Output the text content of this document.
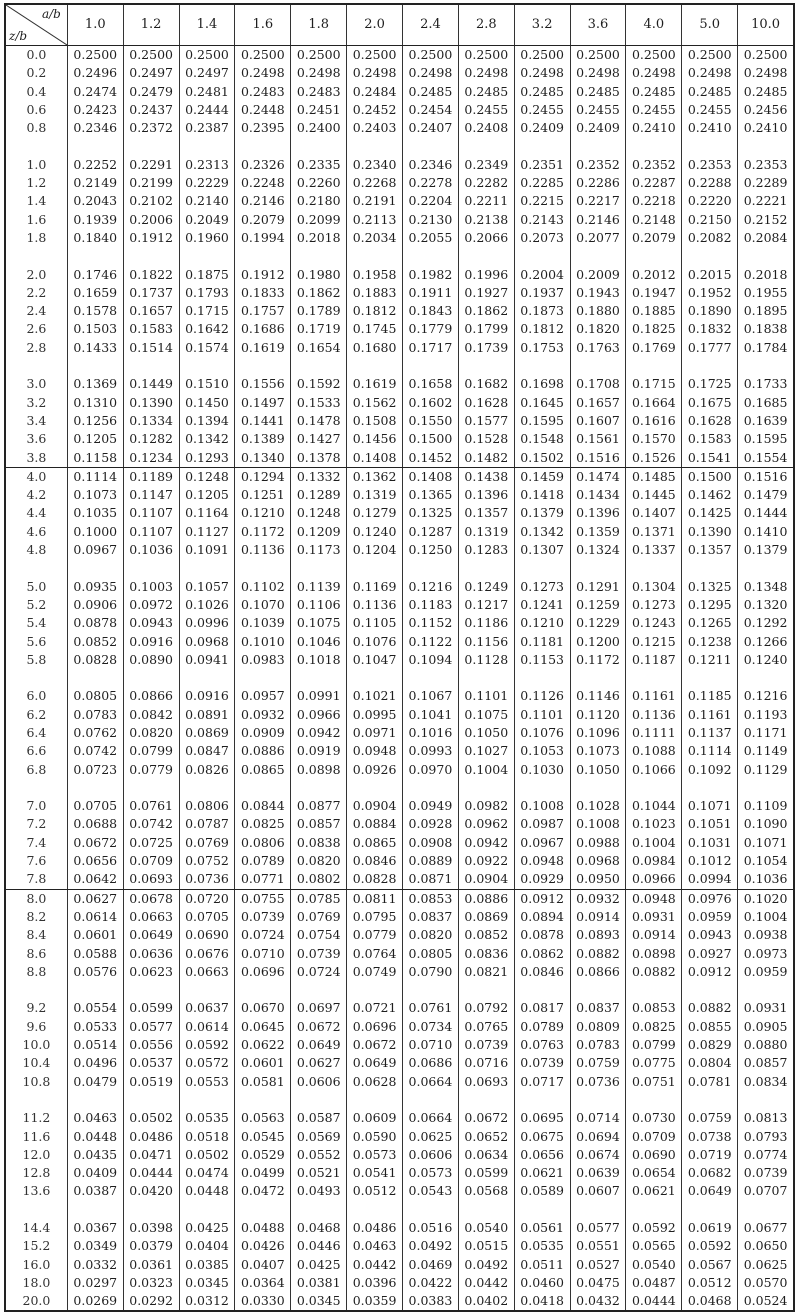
a/b
z/b
1.0	1.2	1.4	1.6	1.8	2.0	2.4	2.8	3.2	3.6	4.0	5.0	10.0
0.0	0.2500 0.2500 0.2500 0.2500 0.2500 0.2500 0.2500 0.2500 0.2500 0.2500 0.2500 0.2500 0.2500
0.2	0.2496 0.2497 0.2497 0.2498 0.2498 0.2498 0.2498 0.2498 0.2498 0.2498 0.2498 0.2498 0.2498
0.4	0.2474 0.2479 0.2481 0.2483 0.2483 0.2484 0.2485 0.2485 0.2485 0.2485 0.2485 0.2485 0.2485
0.6	0.2423 0.2437 0.2444 0.2448 0.2451 0.2452 0.2454 0.2455 0.2455 0.2455 0.2455 0.2455 0.2456
0.8	0.2346 0.2372 0.2387 0.2395 0.2400 0.2403 0.2407 0.2408 0.2409 0.2409 0.2410 0.2410 0.2410
1.0	0.2252 0.2291 0.2313 0.2326 0.2335 0.2340 0.2346 0.2349 0.2351 0.2352 0.2352 0.2353 0.2353
1.2	0.2149 0.2199 0.2229 0.2248 0.2260 0.2268 0.2278 0.2282 0.2285 0.2286 0.2287 0.2288 0.2289
1.4	0.2043 0.2102 0.2140 0.2146 0.2180 0.2191 0.2204 0.2211 0.2215 0.2217 0.2218 0.2220 0.2221
1.6	0.1939 0.2006 0.2049 0.2079 0.2099 0.2113 0.2130 0.2138 0.2143 0.2146 0.2148 0.2150 0.2152
1.8	0.1840 0.1912 0.1960 0.1994 0.2018 0.2034 0.2055 0.2066 0.2073 0.2077 0.2079 0.2082 0.2084
2.0	0.1746 0.1822 0.1875 0.1912 0.1980 0.1958 0.1982 0.1996 0.2004 0.2009 0.2012 0.2015 0.2018
2.2	0.1659 0.1737 0.1793 0.1833 0.1862 0.1883 0.1911 0.1927 0.1937 0.1943 0.1947 0.1952 0.1955
2.4	0.1578 0.1657 0.1715 0.1757 0.1789 0.1812 0.1843 0.1862 0.1873 0.1880 0.1885 0.1890 0.1895
2.6	0.1503 0.1583 0.1642 0.1686 0.1719 0.1745 0.1779 0.1799 0.1812 0.1820 0.1825 0.1832 0.1838
2.8	0.1433 0.1514 0.1574 0.1619 0.1654 0.1680 0.1717 0.1739 0.1753 0.1763 0.1769 0.1777 0.1784
3.0	0.1369 0.1449 0.1510 0.1556 0.1592 0.1619 0.1658 0.1682 0.1698 0.1708 0.1715 0.1725 0.1733
3.2	0.1310 0.1390 0.1450 0.1497 0.1533 0.1562 0.1602 0.1628 0.1645 0.1657 0.1664 0.1675 0.1685
3.4	0.1256 0.1334 0.1394 0.1441 0.1478 0.1508 0.1550 0.1577 0.1595 0.1607 0.1616 0.1628 0.1639
3.6	0.1205 0.1282 0.1342 0.1389 0.1427 0.1456 0.1500 0.1528 0.1548 0.1561 0.1570 0.1583 0.1595
3.8	0.1158 0.1234 0.1293 0.1340 0.1378 0.1408 0.1452 0.1482 0.1502 0.1516 0.1526 0.1541 0.1554
4.0	0.1114 0.1189 0.1248 0.1294 0.1332 0.1362 0.1408 0.1438 0.1459 0.1474 0.1485 0.1500 0.1516
4.2	0.1073 0.1147 0.1205 0.1251 0.1289 0.1319 0.1365 0.1396 0.1418 0.1434 0.1445 0.1462 0.1479
4.4	0.1035 0.1107 0.1164 0.1210 0.1248 0.1279 0.1325 0.1357 0.1379 0.1396 0.1407 0.1425 0.1444
4.6	0.1000 0.1107 0.1127 0.1172 0.1209 0.1240 0.1287 0.1319 0.1342 0.1359 0.1371 0.1390 0.1410
4.8	0.0967 0.1036 0.1091 0.1136 0.1173 0.1204 0.1250 0.1283 0.1307 0.1324 0.1337 0.1357 0.1379
5.0	0.0935 0.1003 0.1057 0.1102 0.1139 0.1169 0.1216 0.1249 0.1273 0.1291 0.1304 0.1325 0.1348
5.2	0.0906 0.0972 0.1026 0.1070 0.1106 0.1136 0.1183 0.1217 0.1241 0.1259 0.1273 0.1295 0.1320
5.4	0.0878 0.0943 0.0996 0.1039 0.1075 0.1105 0.1152 0.1186 0.1210 0.1229 0.1243 0.1265 0.1292
5.6	0.0852 0.0916 0.0968 0.1010 0.1046 0.1076 0.1122 0.1156 0.1181 0.1200 0.1215 0.1238 0.1266
5.8	0.0828 0.0890 0.0941 0.0983 0.1018 0.1047 0.1094 0.1128 0.1153 0.1172 0.1187 0.1211 0.1240
6.0	0.0805 0.0866 0.0916 0.0957 0.0991 0.1021 0.1067 0.1101 0.1126 0.1146 0.1161 0.1185 0.1216
6.2	0.0783 0.0842 0.0891 0.0932 0.0966 0.0995 0.1041 0.1075 0.1101 0.1120 0.1136 0.1161 0.1193
6.4	0.0762 0.0820 0.0869 0.0909 0.0942 0.0971 0.1016 0.1050 0.1076 0.1096 0.1111 0.1137 0.1171
6.6	0.0742 0.0799 0.0847 0.0886 0.0919 0.0948 0.0993 0.1027 0.1053 0.1073 0.1088 0.1114 0.1149
6.8	0.0723 0.0779 0.0826 0.0865 0.0898 0.0926 0.0970 0.1004 0.1030 0.1050 0.1066 0.1092 0.1129
7.0	0.0705 0.0761 0.0806 0.0844 0.0877 0.0904 0.0949 0.0982 0.1008 0.1028 0.1044 0.1071 0.1109
7.2	0.0688 0.0742 0.0787 0.0825 0.0857 0.0884 0.0928 0.0962 0.0987 0.1008 0.1023 0.1051 0.1090
7.4	0.0672 0.0725 0.0769 0.0806 0.0838 0.0865 0.0908 0.0942 0.0967 0.0988 0.1004 0.1031 0.1071
7.6	0.0656 0.0709 0.0752 0.0789 0.0820 0.0846 0.0889 0.0922 0.0948 0.0968 0.0984 0.1012 0.1054
7.8	0.0642 0.0693 0.0736 0.0771 0.0802 0.0828 0.0871 0.0904 0.0929 0.0950 0.0966 0.0994 0.1036
8.0	0.0627 0.0678 0.0720 0.0755 0.0785 0.0811 0.0853 0.0886 0.0912 0.0932 0.0948 0.0976 0.1020
8.2	0.0614 0.0663 0.0705 0.0739 0.0769 0.0795 0.0837 0.0869 0.0894 0.0914 0.0931 0.0959 0.1004
8.4	0.0601 0.0649 0.0690 0.0724 0.0754 0.0779 0.0820 0.0852 0.0878 0.0893 0.0914 0.0943 0.0938
8.6	0.0588 0.0636 0.0676 0.0710 0.0739 0.0764 0.0805 0.0836 0.0862 0.0882 0.0898 0.0927 0.0973
8.8	0.0576 0.0623 0.0663 0.0696 0.0724 0.0749 0.0790 0.0821 0.0846 0.0866 0.0882 0.0912 0.0959
9.2	0.0554 0.0599 0.0637 0.0670 0.0697 0.0721 0.0761 0.0792 0.0817 0.0837 0.0853 0.0882 0.0931
9.6	0.0533 0.0577 0.0614 0.0645 0.0672 0.0696 0.0734 0.0765 0.0789 0.0809 0.0825 0.0855 0.0905
10.0	0.0514 0.0556 0.0592 0.0622 0.0649 0.0672 0.0710 0.0739 0.0763 0.0783 0.0799 0.0829 0.0880
10.4	0.0496 0.0537 0.0572 0.0601 0.0627 0.0649 0.0686 0.0716 0.0739 0.0759 0.0775 0.0804 0.0857
10.8	0.0479 0.0519 0.0553 0.0581 0.0606 0.0628 0.0664 0.0693 0.0717 0.0736 0.0751 0.0781 0.0834
11.2	0.0463 0.0502 0.0535 0.0563 0.0587 0.0609 0.0664 0.0672 0.0695 0.0714 0.0730 0.0759 0.0813
11.6	0.0448 0.0486 0.0518 0.0545 0.0569 0.0590 0.0625 0.0652 0.0675 0.0694 0.0709 0.0738 0.0793
12.0	0.0435 0.0471 0.0502 0.0529 0.0552 0.0573 0.0606 0.0634 0.0656 0.0674 0.0690 0.0719 0.0774
12.8	0.0409 0.0444 0.0474 0.0499 0.0521 0.0541 0.0573 0.0599 0.0621 0.0639 0.0654 0.0682 0.0739
13.6	0.0387 0.0420 0.0448 0.0472 0.0493 0.0512 0.0543 0.0568 0.0589 0.0607 0.0621 0.0649 0.0707
14.4	0.0367 0.0398 0.0425 0.0488 0.0468 0.0486 0.0516 0.0540 0.0561 0.0577 0.0592 0.0619 0.0677
15.2	0.0349 0.0379 0.0404 0.0426 0.0446 0.0463 0.0492 0.0515 0.0535 0.0551 0.0565 0.0592 0.0650
16.0	0.0332 0.0361 0.0385 0.0407 0.0425 0.0442 0.0469 0.0492 0.0511 0.0527 0.0540 0.0567 0.0625
18.0	0.0297 0.0323 0.0345 0.0364 0.0381 0.0396 0.0422 0.0442 0.0460 0.0475 0.0487 0.0512 0.0570
20.0	0.0269 0.0292 0.0312 0.0330 0.0345 0.0359 0.0383 0.0402 0.0418 0.0432 0.0444 0.0468 0.0524
